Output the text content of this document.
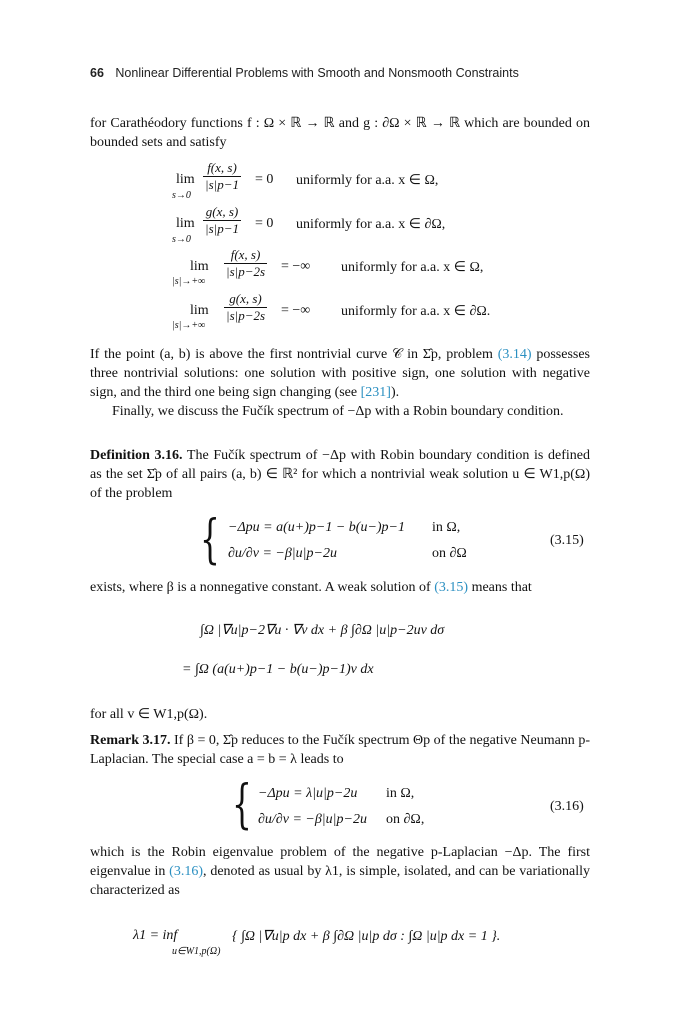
66 Nonlinear Differential Problems with Smooth and Nonsmooth Constraints
for Carathéodory functions f : Ω × ℝ → ℝ and g : ∂Ω × ℝ → ℝ which are bounded on bounded sets and satisfy
lim
s→0
$\frac{f(x, s)}{|s|p-1} = 0$ uniformly for a.a. x ∈ Ω,
lim
s→0
$\frac{g(x, s)}{|s|p-1} = 0$ uniformly for a.a. x ∈ ∂Ω,
lim
|s|→+∞
$\frac{f(x, s)}{|s|p-2s}$ = −∞ uniformly for a.a. x ∈ Ω,
lim
|s|→+∞
$\frac{g(x, s)}{|s|p-2s}$ = −∞ uniformly for a.a. x ∈ ∂Ω.
If the point (a, b) is above the first nontrivial curve 𝒞 in Σ̂p, problem (3.14) possesses three nontrivial solutions: one solution with positive sign, one solution with negative sign, and the third one being sign changing (see [231]).
Finally, we discuss the Fučík spectrum of −Δp with a Robin boundary condition.
Definition 3.16. The Fučík spectrum of −Δp with Robin boundary condition is defined as the set Σ̂p of all pairs (a, b) ∈ ℝ² for which a nontrivial weak solution u ∈ W1,p(Ω) of the problem
{ −Δpu = a(u+)p−1 − b(u−)p−1 in Ω,
∂u/∂ν = −β|u|p−2u	on ∂Ω
(3.15)
exists, where β is a nonnegative constant. A weak solution of (3.15) means that
∫Ω |∇u|p−2∇u · ∇v dx + β ∫∂Ω |u|p−2uv dσ
= ∫Ω (a(u+)p−1 − b(u−)p−1)v dx
for all v ∈ W1,p(Ω).
Remark 3.17. If β = 0, Σ̂p reduces to the Fučík spectrum Θp of the negative Neumann p-Laplacian. The special case a = b = λ leads to
{ −Δpu = λ|u|p−2u in Ω,
∂u/∂ν = −β|u|p−2u on ∂Ω,
(3.16)
which is the Robin eigenvalue problem of the negative p-Laplacian −Δp. The first eigenvalue in (3.16), denoted as usual by λ1, is simple, isolated, and can be variationally characterized as
λ1 = inf
u∈W1,p(Ω)
{ ∫Ω |∇u|p dx + β ∫∂Ω |u|p dσ : ∫Ω |u|p dx = 1 }.
